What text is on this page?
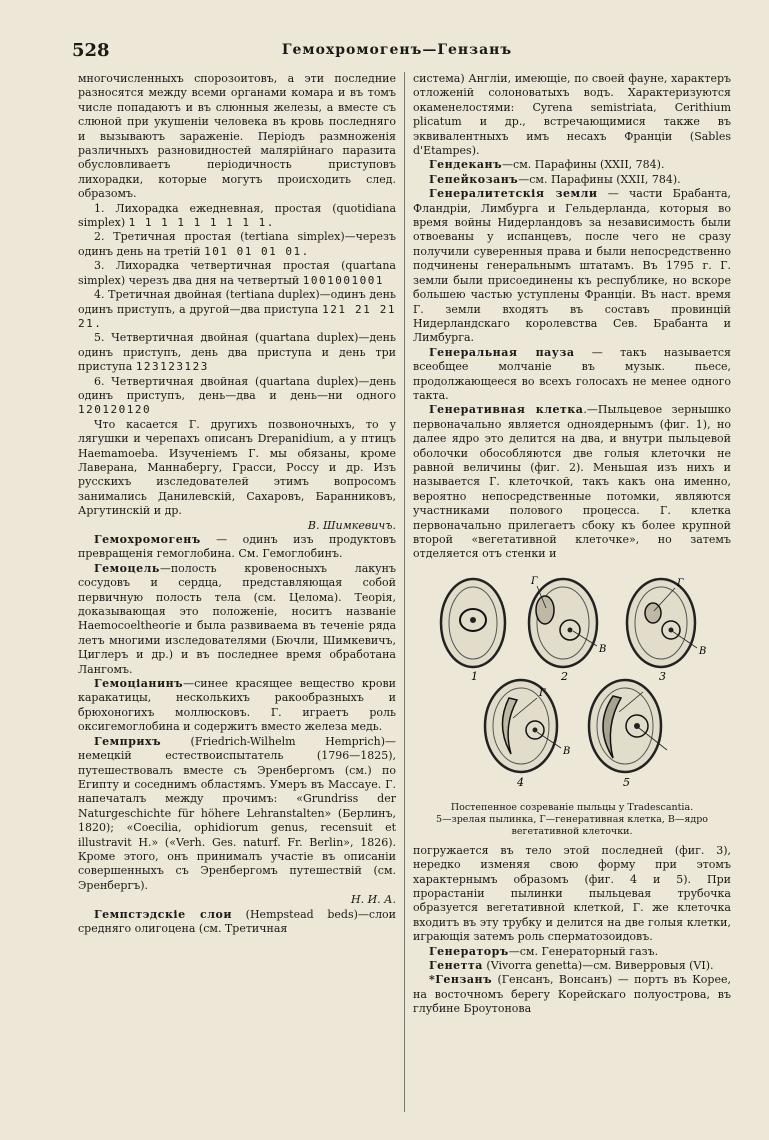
528	Гемохромогенъ—Гензанъ

многочисленныхъ спорозоитовъ, а эти последние разносятся между всеми органами комара и въ томъ числе попадаютъ и въ слюнныя железы, а вместе съ слюной при укушеніи человека въ кровь последняго и вызываютъ зараженіе. Періодъ размноженія различныхъ разновидностей малярійнаго паразита обусловливаетъ періодичность приступовъ лихорадки, которые могутъ происходить след. образомъ.

1. Лихорадка ежедневная, простая (quotidiana simplex) 1 1 1 1 1 1 1 1 1.

2. Третичная простая (tertiana simplex)—черезъ одинъ день на третій 101 01 01 01.

3. Лихорадка четвертичная простая (quartana simplex) черезъ два дня на четвертый 1001001001

4. Третичная двойная (tertiana duplex)—одинъ день одинъ приступъ, а другой—два приступа 121 21 21 21.

5. Четвертичная двойная (quartana duplex)—день одинъ приступъ, день два приступа и день три приступа 123123123

6. Четвертичная двойная (quartana duplex)—день одинъ приступъ, день—два и день—ни одного 120120120

Что касается Г. другихъ позвоночныхъ, то у лягушки и черепахъ описанъ Drepanidium, а у птицъ Haemamoeba. Изученіемъ Г. мы обязаны, кроме Лаверана, Маннабергу, Грасси, Россу и др. Изъ русскихъ изследователей этимъ вопросомъ занимались Данилевскій, Сахаровъ, Баранниковъ, Аргутинскій и др.

В. Шимкевичъ.

Гемохромогенъ — одинъ изъ продуктовъ превращенія гемоглобина. См. Гемоглобинъ.

Гемоцель—полость кровеносныхъ лакунъ сосудовъ и сердца, представляющая собой первичную полость тела (см. Целома). Теорія, доказывающая это положеніе, носитъ названіе Haemocoeltheorie и была развиваема въ теченіе ряда летъ многими изследователями (Бючли, Шимкевичъ, Циглеръ и др.) и въ последнее время обработана Лангомъ.

Гемоціанинъ—синее красящее вещество крови каракатицы, несколькихъ ракообразныхъ и брюхоногихъ моллюсковъ. Г. играетъ роль оксигемоглобина и содержитъ вместо железа медь.

Гемприхъ (Friedrich-Wilhelm Hemprich)—немецкій естествоиспытатель (1796—1825), путешествовалъ вместе съ Эренбергомъ (см.) по Египту и соседнимъ областямъ. Умеръ въ Массауе. Г. напечаталъ между прочимъ: «Grundriss der Naturgeschichte für höhere Lehranstalten» (Берлинъ, 1820); «Coecilia, ophidiorum genus, recensuit et illustravit H.» («Verh. Ges. naturf. Fr. Berlin», 1826). Кроме этого, онъ принималъ участіе въ описаніи совершенныхъ съ Эренбергомъ путешествій (см. Эренбергъ).

Н. И. А.

Гемпстэдскіе слои (Hempstead beds)—слои средняго олигоцена (см. Третичная

система) Англіи, имеющіе, по своей фауне, характеръ отложеній солоноватыхъ водъ. Характеризуются окаменелостями: Cyrena semistriata, Cerithium plicatum и др., встречающимися также въ эквивалентныхъ имъ несахъ Франціи (Sables d'Etampes).

Гендеканъ—см. Парафины (XXII, 784).

Гепейкозанъ—см. Парафины (XXII, 784).

Генералитетскія земли — части Брабанта, Фландріи, Лимбурга и Гельдерланда, которыя во время войны Нидерландовъ за независимость были отвоеваны у испанцевъ, после чего не сразу получили суверенныя права и были непосредственно подчинены генеральнымъ штатамъ. Въ 1795 г. Г. земли были присоединены къ республике, но вскоре большею частью уступлены Франціи. Въ наст. время Г. земли входятъ въ составъ провинцій Нидерландскаго королевства Сев. Брабанта и Лимбурга.

Генеральная пауза — такъ называется всеобщее молчаніе въ музык. пьесе, продолжающееся во всехъ голосахъ не менее одного такта.

Генеративная клетка.—Пыльцевое зернышко первоначально является одноядернымъ (фиг. 1), но далее ядро это делится на два, и внутри пыльцевой оболочки обособляются две голыя клеточки не равной величины (фиг. 2). Меньшая изъ нихъ и называется Г. клеточкой, такъ какъ она именно, вероятно непосредственные потомки, являются участниками полового процесса. Г. клетка первоначально прилегаетъ сбоку къ более крупной второй «вегетативной клеточке», но затемъ отделяется отъ стенки и

1	2	3
4	5
Г
В
Г
В
Г
В
Постепенное созреваніе пыльцы у Tradescantia.
5—зрелая пылинка, Г—генеративная клетка, В—ядро вегетативной клеточки.

погружается въ тело этой последней (фиг. 3), нередко изменяя свою форму при этомъ характернымъ образомъ (фиг. 4 и 5). При прорастаніи пылинки пыльцевая трубочка образуется вегетативной клеткой, Г. же клеточка входитъ въ эту трубку и делится на две голыя клетки, играющія затемъ роль сперматозоидовъ.

Генераторъ—см. Генераторный газъ.

Генетта (Vivorra genetta)—см. Виверровыя (VI).

*Гензанъ (Генсанъ, Вонсанъ) — портъ въ Корее, на восточномъ берегу Корейскаго полуострова, въ глубине Броутонова
